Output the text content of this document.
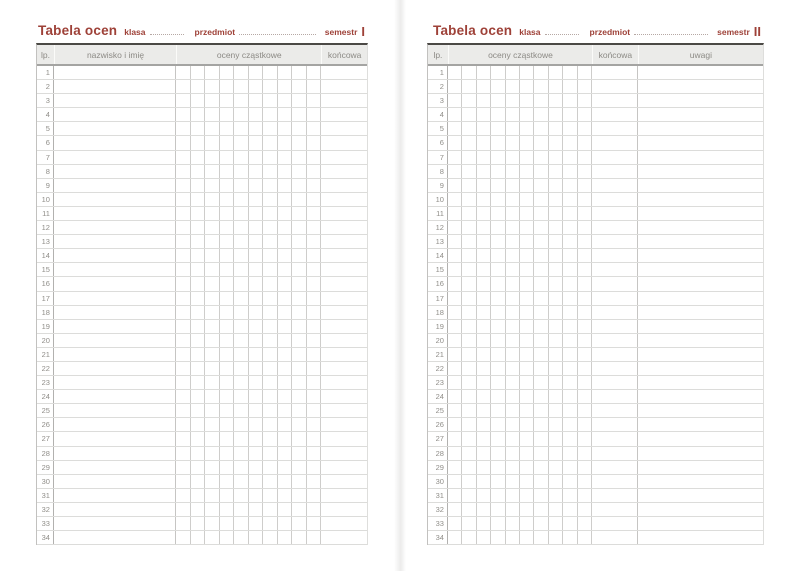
Tabela ocen klasa	przedmiot	semestr I
lp.	nazwisko i imię	oceny cząstkowe	końcowa
1
2
3
4
5
6
7
8
9
10
11
12
13
14
15
16
17
18
19
20
21
22
23
24
25
26
27
28
29
30
31
32
33
34
Tabela ocen klasa	przedmiot	semestr II
lp.	oceny cząstkowe	końcowa	uwagi
1
2
3
4
5
6
7
8
9
10
11
12
13
14
15
16
17
18
19
20
21
22
23
24
25
26
27
28
29
30
31
32
33
34
